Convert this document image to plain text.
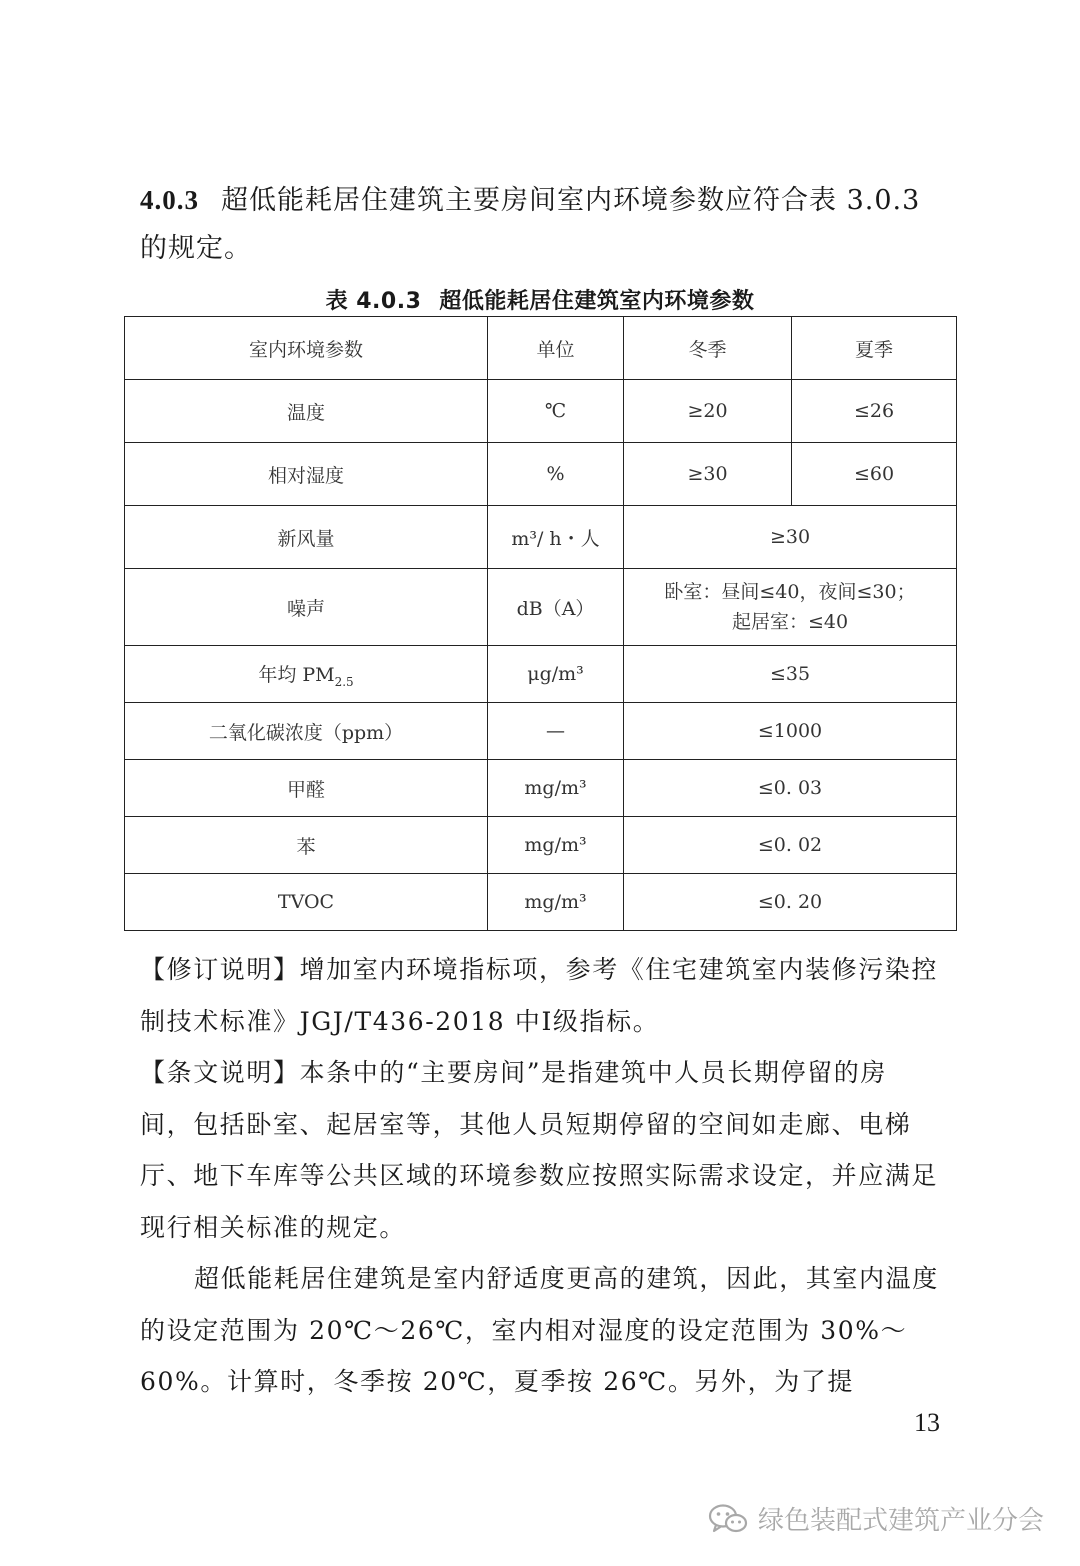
4.0.3 超低能耗居住建筑主要房间室内环境参数应符合表 3.0.3 的规定。
表 4.0.3 超低能耗居住建筑室内环境参数
室内环境参数	单位	冬季	夏季
温度	℃	≥20	≤26
相对湿度	%	≥30	≤60
新风量	m³/ h・人	≥30	
噪声	dB（A）	卧室：昼间≤40，夜间≤30；
起居室：≤40	

年均 $PM_{2.5}$	μg/m³	≤35	
二氧化碳浓度（ppm）	—	≤1000	
甲醛	mg/m³	≤0. 03	
苯	mg/m³	≤0. 02	
TVOC	mg/m³	≤0. 20	

【修订说明】增加室内环境指标项，参考《住宅建筑室内装修污染控制技术标准》JGJ/T436-2018 中Ⅰ级指标。

【条文说明】本条中的“主要房间”是指建筑中人员长期停留的房间，包括卧室、起居室等，其他人员短期停留的空间如走廊、电梯厅、地下车库等公共区域的环境参数应按照实际需求设定，并应满足现行相关标准的规定。

超低能耗居住建筑是室内舒适度更高的建筑，因此，其室内温度的设定范围为 20℃～26℃，室内相对湿度的设定范围为 30%～60%。计算时，冬季按 20℃，夏季按 26℃。另外，为了提

13
绿色装配式建筑产业分会
